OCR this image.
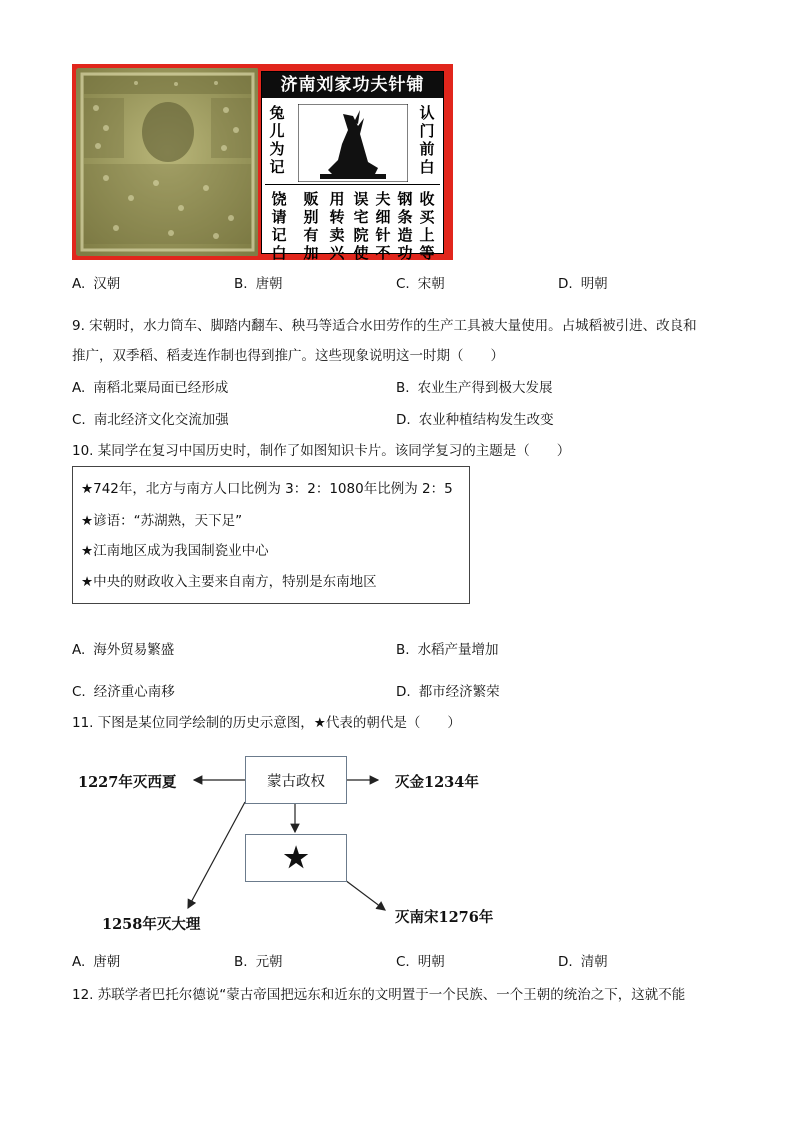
济南刘家功夫针铺
兔儿为记
认门前白
收买上等
钢条造功
夫细针不
误宅院使
用转卖兴
贩别有加
饶请记白
A. 汉朝	B. 唐朝	C. 宋朝	D. 明朝
9. 宋朝时，水力筒车、脚踏内翻车、秧马等适合水田劳作的生产工具被大量使用。占城稻被引进、改良和
推广，双季稻、稻麦连作制也得到推广。这些现象说明这一时期（　　）
A. 南稻北粟局面已经形成	B. 农业生产得到极大发展
C. 南北经济文化交流加强	D. 农业种植结构发生改变
10. 某同学在复习中国历史时，制作了如图知识卡片。该同学复习的主题是（　　）
★742年，北方与南方人口比例为 3：2：1080年比例为 2：5
★谚语：“苏湖熟，天下足”
★江南地区成为我国制瓷业中心
★中央的财政收入主要来自南方，特别是东南地区
A. 海外贸易繁盛	B. 水稻产量增加
C. 经济重心南移	D. 都市经济繁荣
11. 下图是某位同学绘制的历史示意图，★代表的朝代是（　　）
蒙古政权
★
1227年灭西夏	灭金1234年
1258年灭大理	灭南宋1276年
A. 唐朝	B. 元朝	C. 明朝	D. 清朝
12. 苏联学者巴托尔德说“蒙古帝国把远东和近东的文明置于一个民族、一个王朝的统治之下，这就不能
